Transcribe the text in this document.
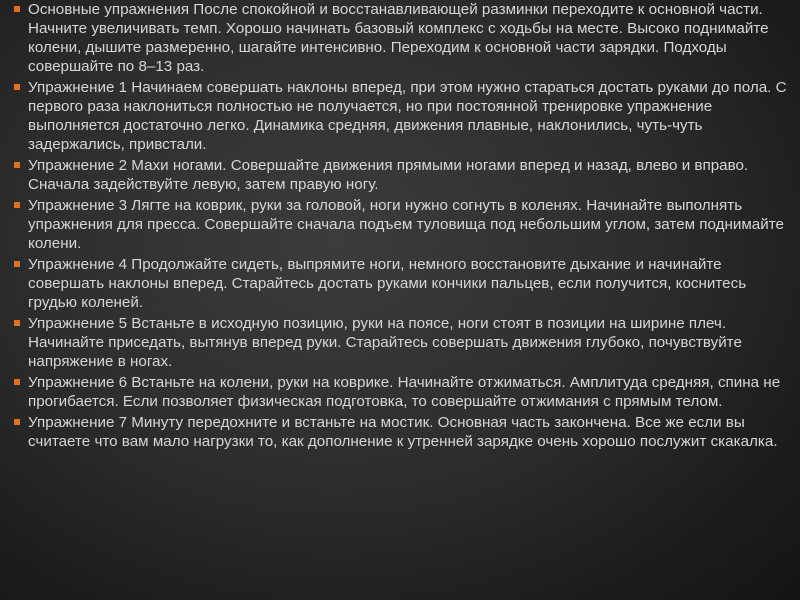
Основные упражнения После спокойной и восстанавливающей разминки переходите к основной части. Начните увеличивать темп. Хорошо начинать базовый комплекс с ходьбы на месте. Высоко поднимайте колени, дышите размеренно, шагайте интенсивно. Переходим к основной части зарядки. Подходы совершайте по 8–13 раз.
Упражнение 1 Начинаем совершать наклоны вперед, при этом нужно стараться достать руками до пола. С первого раза наклониться полностью не получается, но при постоянной тренировке упражнение выполняется достаточно легко. Динамика средняя, движения плавные, наклонились, чуть-чуть задержались, привстали.
Упражнение 2 Махи ногами. Совершайте движения прямыми ногами вперед и назад, влево и вправо. Сначала задействуйте левую, затем правую ногу.
Упражнение 3 Лягте на коврик, руки за головой, ноги нужно согнуть в коленях. Начинайте выполнять упражнения для пресса. Совершайте сначала подъем туловища под небольшим углом, затем поднимайте колени.
Упражнение 4 Продолжайте сидеть, выпрямите ноги, немного восстановите дыхание и начинайте совершать наклоны вперед. Старайтесь достать руками кончики пальцев, если получится, коснитесь грудью коленей.
Упражнение 5 Встаньте в исходную позицию, руки на поясе, ноги стоят в позиции на ширине плеч. Начинайте приседать, вытянув вперед руки. Старайтесь совершать движения глубоко, почувствуйте напряжение в ногах.
Упражнение 6 Встаньте на колени, руки на коврике. Начинайте отжиматься. Амплитуда средняя, спина не прогибается. Если позволяет физическая подготовка, то совершайте отжимания с прямым телом.
Упражнение 7 Минуту передохните и встаньте на мостик. Основная часть закончена. Все же если вы считаете что вам мало нагрузки то, как дополнение к утренней зарядке очень хорошо послужит скакалка.
